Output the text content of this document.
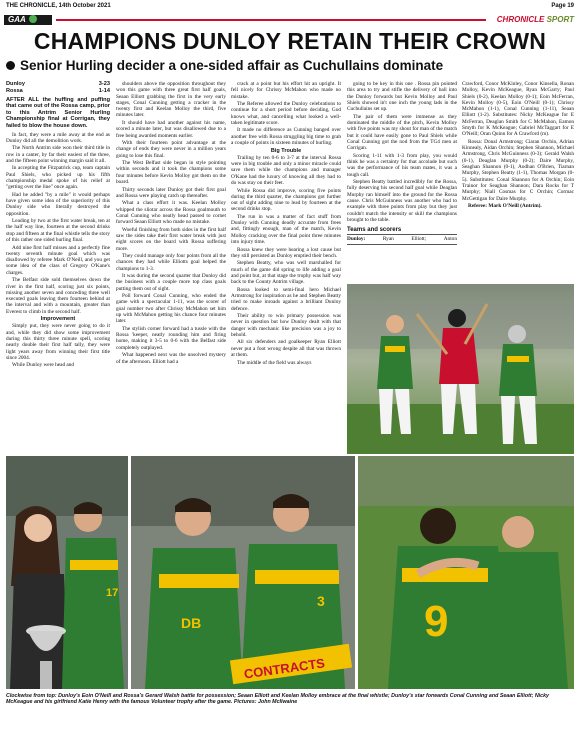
THE CHRONICLE, 14th October 2021	Page 19
GAA	CHRONICLE SPORT
CHAMPIONS DUNLOY RETAIN THEIR CROWN
Senior Hurling decider a one-sided affair as Cuchullains dominate
Dunloy	3-23
Rossa	1-14
AFTER ALL the huffing and puffing that came out of the Rossa camp, prior to this Antrim Senior Hurling Championship final at Corrigan, they failed to blow the house down.

In fact, they were a mile away at the end as Dunloy did all the demolition work.

The North Antrim side won their third title in row in a canter, by far their easiest of the three, and the fifteen point winning margin said it all.

In accepting the Fitzpatrick cup, team captain Paul Shiels, who picked up his fifth championship medal spoke of his relief at "getting over the line" once again.

Had he added "by a mile" it would perhaps have given some idea of the superiority of this Dunloy side who literally destroyed the opposition.

Leading by two at the first water break, ten at the half way line, fourteen at the second drinks stop and fifteen at the final whistle tells the story of this rather one sided hurling final.

Add nine first half misses and a perfectly fine twenty seventh minute goal which was disallowed by referee Mark O'Neill, and you get some idea of the class of Gregory O'Kane's charges.

The Belfast side sold themselves down the river in the first half, scoring just six points, missing another seven and conceding three well executed goals leaving them fourteen behind at the interval and with a mountain, greater than Everest to climb in the second half.

Improvement

Simply put, they were never going to do it and, while they did show some improvement during this thirty three minute spell, scoring nearly double their first half tally, they were light years away from winning their first title since 2004.

While Dunloy were head and

shoulders above the opposition throughout they won this game with three great first half goals, Seaan Elliott grabbing the first in the very early stages, Conal Cunning getting a cracker in the twenty first and Keelan Molloy the third, five minutes later.

It should have had another against his name, scored a minute later, but was disallowed due to a free being awarded moments earlier.

With their fourteen point advantage at the change of ends they were never in a million years going to lose this final.

The West Belfast side began in style pointing within seconds and it took the champions some four minutes before Kevin Molloy got them on the board.

Thirty seconds later Dunloy got their first goal and Rossa were playing catch up thereafter.

What a class effort it was. Keelan Molloy whipped the sliotar across the Rossa goalmouth to Conal Cunning who neatly head passed to cornet forward Seaan Elliott who made no mistake.

Woeful finishing from both sides in the first half saw the sides take their first water break with just eight scores on the board with Rossa suffering more.

They could manage only four points from all the chances they had while Elliotts goal helped the champions to 1-3.

It was during the second quarter that Dunloy did the business with a couple more top class goals putting them out of sight.

Poll forward Conal Cunning, who ended the game with a spectacular 1-11, was the scorer of goal number two after Chrissy McMahon set him up with McMahon getting his chance four minutes later.

The stylish corner forward had a tussle with the Rossa 'keeper, neatly rounding him and firing home, making it 3-5 to 0-6 with the Belfast side completely outplayed.

What happened next was the unsolved mystery of the afternoon. Elliott had a

crack at a point but his effort hit an upright. It fell nicely for Chrissy McMahon who made no mistake.

The Referee allowed the Dunloy celebrations to continue for a short period before deciding, God knows what, and cancelling what looked a well-taken legitimate score.

It made no difference as Cunning banged over another free with Rossa struggling big time to grab a couple of points in sixteen minutes of hurling.

Big Trouble

Trailing by ten 0-6 to 3-7 at the interval Rossa were in big trouble and only a minor miracle could save them while the champions and manager O'Kane had the luxury of knowing all they had to do was stay on their feet.

While Rossa did improve, scoring five points during the third quarter, the champions got further out of sight adding nine to lead by fourteen at the second drinks stop.

The run in was a matter of fact stuff from Dunloy with Cunning deadly accurate from frees and, fittingly enough, man of the match, Kevin Molloy cracking over the final point three minutes into injury time.

Rossa knew they were hearing a lost cause but they still persisted as Dunloy emptied their bench.

Stephen Beatty, who was well marshalled for much of the game did spring to life adding a goal and point but, at that stage the trophy was half way back to the County Antrim village.

Rossa looked to semi-final hero Michael Armstrong for inspiration as he and Stephen Beatty tried to make inroads against a brilliant Dunloy defence.

Their ability to win primary possession was never in question but how Dunloy dealt with that danger with mechanic like precision was a joy to behold.

All six defenders and goalkeeper Ryan Elliott never put a foot wrong despite all that was thrown at them.

The middle of the field was always

going to be key in this one . Rossa pin pointed this area to try and stifle the delivery of ball into the Dunloy forwards but Kevin Molloy and Paul Shiels showed in't one inch the young lads in the Cuchullains set up.

The pair of them were immense as they dominated the middle of the pitch, Kevin Molloy with five points was my shout for man of the match but it could have easily gone to Paul Shiels while Conal Cunning got the nod from the TG4 men at Corrigan.

Scoring 1-11 with 1-3 from play, you would think he was a certainty for that accolade but such was the performance of his team mates, it was a tough call.

Stephen Beatty battled incredibly for the Rossa, fully deserving his second half goal while Deaglan Murphy ran himself into the ground for the Rossa cause. Chris McGuinness was another who had to example with three points from play but they just couldn't match the intensity or skill the champions brought to the table.

Teams and scorers
Dunloy:	Ryan	Elliott;	Anton

Crawford, Conor McKinley, Conor Kinsella, Ronan Molloy, Kevin McKeague, Ryan McGarry; Paul Shiels (0-2), Keelan Molloy (0-1); Eoin McFerran, Kevin Molloy (0-5), Eoin O'Neill (0-1); Chrissy McMahon (1-1), Conal Cunning (1-11), Seaan Elliott (1-2). Substitutes: Nicky McKeague for E McFerran, Deaglan Smith for C McMahon, Eamon Smyth for K McKeague; Gabriel McTaggart for E O'Neill; Oran Quinn for A Crawford (m).

Rossa: Donal Armstrong; Ciaran Orchin, Adrian Kinnealy, Aidan Orchin; Stephen Shannon, Michael Armstrong, Chris McGuinness (0-3); Gerald Walsh (0-1), Deaglan Murphy (0-2); Daire Murphy, Seaghan Shannon (0-1), Aodhan O'Brien, Tiarnan Murphy, Stephen Beatty (1-1), Thomas Morgan (0-5). Substitutes: Conal Shannon for A Orchin; Eoin Trainor for Seaghan Shannon; Dara Rocks for T Murphy; Niall Cosmas for C Orchin; Cormac McGettigan for Daire Murphy.

Referee: Mark O'Neill (Antrim).

17
DB
3
CONTRACTS
9
Clockwise from top: Dunloy's Eoin O'Neill and Rossa's Gerard Walsh battle for possession; Seaan Elliott and Keelan Molloy embrace at the final whistle; Dunloy's star forwards Conal Cunning and Seaan Elliott; Nicky McKeague and his girlfriend Katie Henry with the famous Volunteer trophy after the game. Pictures: John McIlwaine
